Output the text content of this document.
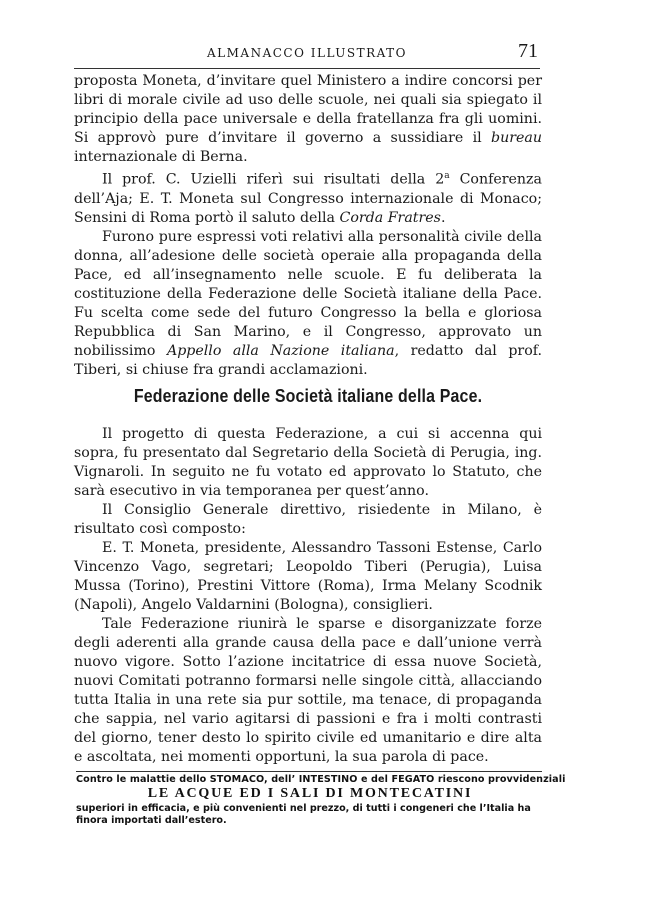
ALMANACCO ILLUSTRATO	71

proposta Moneta, d’invitare quel Ministero a indire concorsi per libri di morale civile ad uso delle scuole, nei quali sia spiegato il principio della pace universale e della fratellanza fra gli uomini. Si approvò pure d’invitare il governo a sussidiare il bureau internazionale di Berna.

Il prof. C. Uzielli riferì sui risultati della 2$^a$ Conferenza dell’Aja; E. T. Moneta sul Congresso internazionale di Monaco; Sensini di Roma portò il saluto della Corda Fratres.

Furono pure espressi voti relativi alla personalità civile della donna, all’adesione delle società operaie alla propaganda della Pace, ed all’insegnamento nelle scuole. E fu deliberata la costituzione della Federazione delle Società italiane della Pace. Fu scelta come sede del futuro Congresso la bella e gloriosa Repubblica di San Marino, e il Congresso, approvato un nobilissimo Appello alla Nazione italiana, redatto dal prof. Tiberi, si chiuse fra grandi acclamazioni.

Federazione delle Società italiane della Pace.

Il progetto di questa Federazione, a cui si accenna qui sopra, fu presentato dal Segretario della Società di Perugia, ing. Vignaroli. In seguito ne fu votato ed approvato lo Statuto, che sarà esecutivo in via temporanea per quest’anno.

Il Consiglio Generale direttivo, risiedente in Milano, è risultato così composto:

E. T. Moneta, presidente, Alessandro Tassoni Estense, Carlo Vincenzo Vago, segretari; Leopoldo Tiberi (Perugia), Luisa Mussa (Torino), Prestini Vittore (Roma), Irma Melany Scodnik (Napoli), Angelo Valdarnini (Bologna), consiglieri.

Tale Federazione riunirà le sparse e disorganizzate forze degli aderenti alla grande causa della pace e dall’unione verrà nuovo vigore. Sotto l’azione incitatrice di essa nuove Società, nuovi Comitati potranno formarsi nelle singole città, allacciando tutta Italia in una rete sia pur sottile, ma tenace, di propaganda che sappia, nel vario agitarsi di passioni e fra i molti contrasti del giorno, tener desto lo spirito civile ed umanitario e dire alta e ascoltata, nei momenti opportuni, la sua parola di pace.

Contro le malattie dello STOMACO, dell’ INTESTINO e del FEGATO riescono provvidenziali
LE ACQUE ED I SALI DI MONTECATINI
superiori in efficacia, e più convenienti nel prezzo, di tutti i congeneri che l’Italia ha finora importati dall’estero.
